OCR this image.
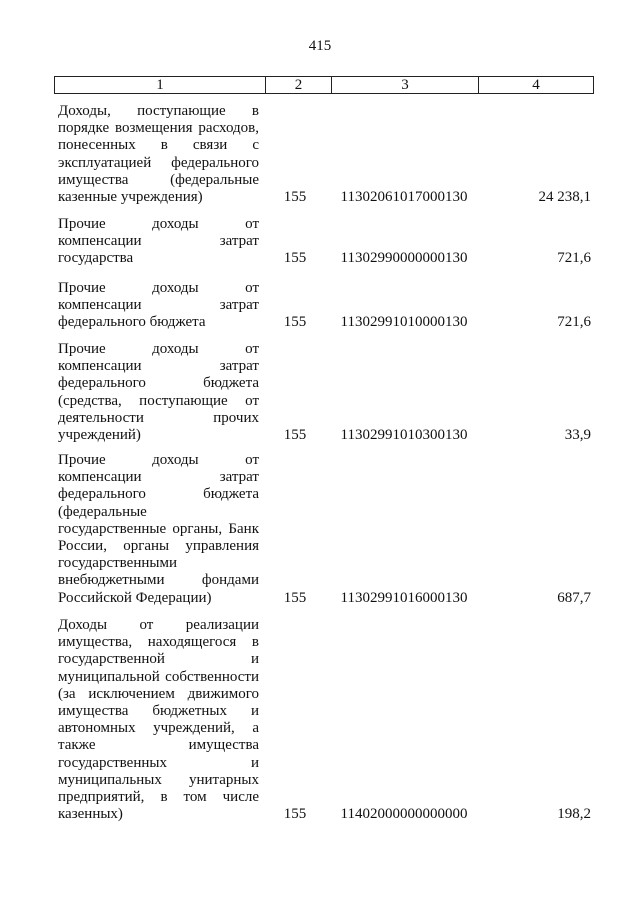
415
1	2	3	4
Доходы, поступающие в
порядке возмещения расходов,
понесенных в связи с
эксплуатацией федерального
имущества (федеральные
казенные учреждения)	155	11302061017000130	24 238,1
Прочие доходы от
компенсации затрат
государства	155	11302990000000130	721,6
Прочие доходы от
компенсации затрат
федерального бюджета	155	11302991010000130	721,6
Прочие доходы от
компенсации затрат
федерального бюджета
(средства, поступающие от
деятельности прочих
учреждений)	155	11302991010300130	33,9
Прочие доходы от
компенсации затрат
федерального бюджета
(федеральные
государственные органы, Банк
России, органы управления
государственными
внебюджетными фондами
Российской Федерации)	155	11302991016000130	687,7
Доходы от реализации
имущества, находящегося в
государственной и
муниципальной собственности
(за исключением движимого
имущества бюджетных и
автономных учреждений, а
также имущества
государственных и
муниципальных унитарных
предприятий, в том числе
казенных)	155	11402000000000000	198,2
